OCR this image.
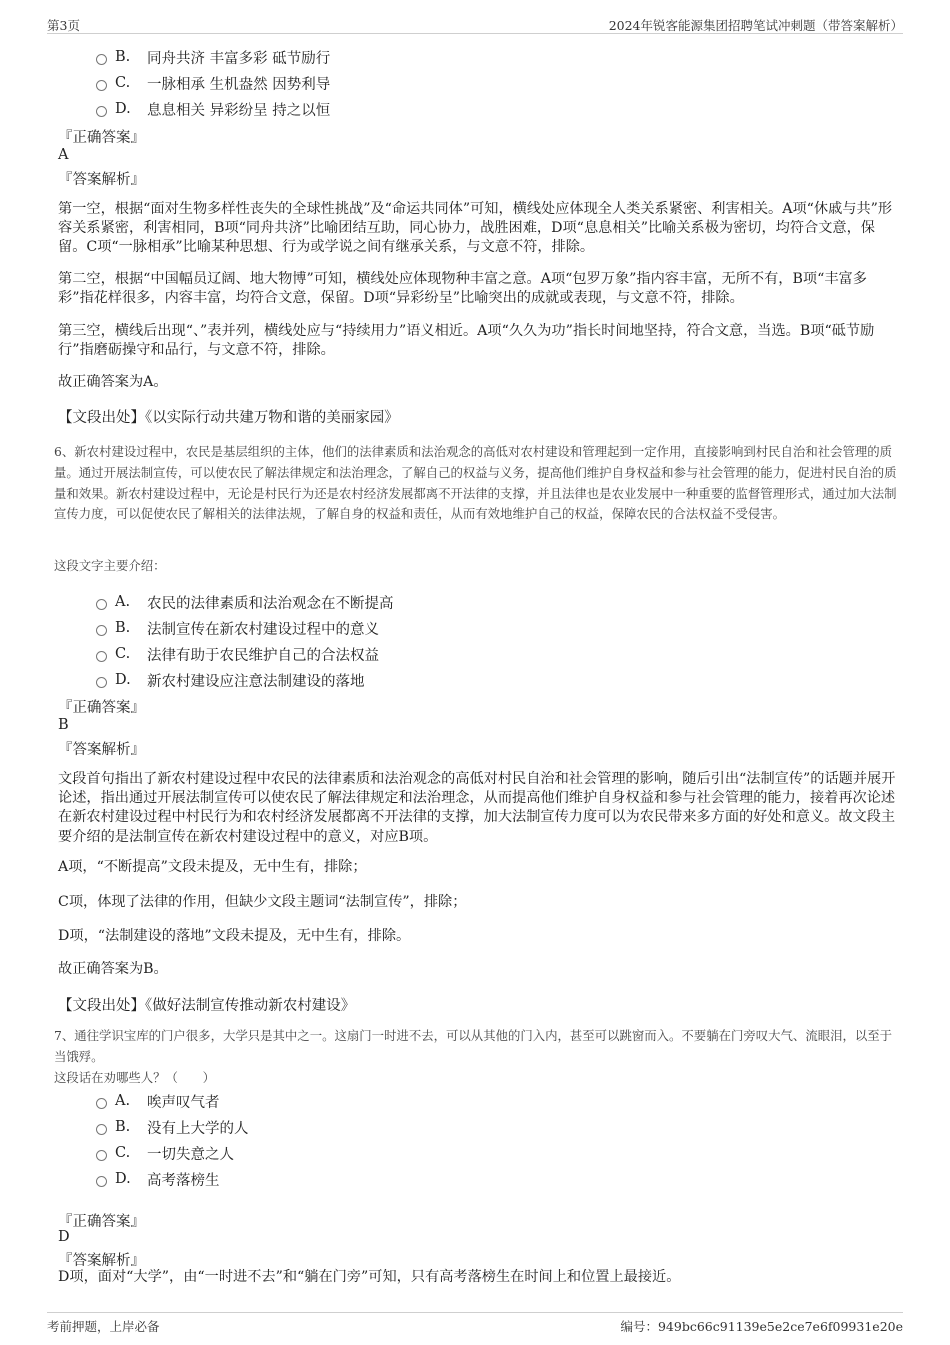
第3页	2024年锐客能源集团招聘笔试冲刺题（带答案解析）
B.	同舟共济 丰富多彩 砥节励行
C.	一脉相承 生机盎然 因势利导
D.	息息相关 异彩纷呈 持之以恒
『正确答案』
A
『答案解析』
第一空，根据“面对生物多样性丧失的全球性挑战”及“命运共同体”可知，横线处应体现全人类关系紧密、利害相关。A项“休戚与共”形容关系紧密，利害相同，B项“同舟共济”比喻团结互助，同心协力，战胜困难，D项“息息相关”比喻关系极为密切，均符合文意，保留。C项“一脉相承”比喻某种思想、行为或学说之间有继承关系，与文意不符，排除。
第二空，根据“中国幅员辽阔、地大物博”可知，横线处应体现物种丰富之意。A项“包罗万象”指内容丰富，无所不有，B项“丰富多彩”指花样很多，内容丰富，均符合文意，保留。D项“异彩纷呈”比喻突出的成就或表现，与文意不符，排除。
第三空，横线后出现“、”表并列，横线处应与“持续用力”语义相近。A项“久久为功”指长时间地坚持，符合文意，当选。B项“砥节励行”指磨砺操守和品行，与文意不符，排除。
故正确答案为A。
【文段出处】《以实际行动共建万物和谐的美丽家园》
6、新农村建设过程中，农民是基层组织的主体，他们的法律素质和法治观念的高低对农村建设和管理起到一定作用，直接影响到村民自治和社会管理的质量。通过开展法制宣传，可以使农民了解法律规定和法治理念，了解自己的权益与义务，提高他们维护自身权益和参与社会管理的能力，促进村民自治的质量和效果。新农村建设过程中，无论是村民行为还是农村经济发展都离不开法律的支撑，并且法律也是农业发展中一种重要的监督管理形式，通过加大法制宣传力度，可以促使农民了解相关的法律法规，了解自身的权益和责任，从而有效地维护自己的权益，保障农民的合法权益不受侵害。
这段文字主要介绍：
A.	农民的法律素质和法治观念在不断提高
B.	法制宣传在新农村建设过程中的意义
C.	法律有助于农民维护自己的合法权益
D.	新农村建设应注意法制建设的落地
『正确答案』
B
『答案解析』
文段首句指出了新农村建设过程中农民的法律素质和法治观念的高低对村民自治和社会管理的影响，随后引出“法制宣传”的话题并展开论述，指出通过开展法制宣传可以使农民了解法律规定和法治理念，从而提高他们维护自身权益和参与社会管理的能力，接着再次论述在新农村建设过程中村民行为和农村经济发展都离不开法律的支撑，加大法制宣传力度可以为农民带来多方面的好处和意义。故文段主要介绍的是法制宣传在新农村建设过程中的意义，对应B项。
A项，“不断提高”文段未提及，无中生有，排除；
C项，体现了法律的作用，但缺少文段主题词“法制宣传”，排除；
D项，“法制建设的落地”文段未提及，无中生有，排除。
故正确答案为B。
【文段出处】《做好法制宣传推动新农村建设》
7、通往学识宝库的门户很多，大学只是其中之一。这扇门一时进不去，可以从其他的门入内，甚至可以跳窗而入。不要躺在门旁叹大气、流眼泪，以至于当饿殍。
这段话在劝哪些人？（　　）
A.	唉声叹气者
B.	没有上大学的人
C.	一切失意之人
D.	高考落榜生
『正确答案』
D
『答案解析』
D项，面对“大学”，由“一时进不去”和“躺在门旁”可知，只有高考落榜生在时间上和位置上最接近。
考前押题，上岸必备	编号：949bc66c91139e5e2ce7e6f09931e20e
